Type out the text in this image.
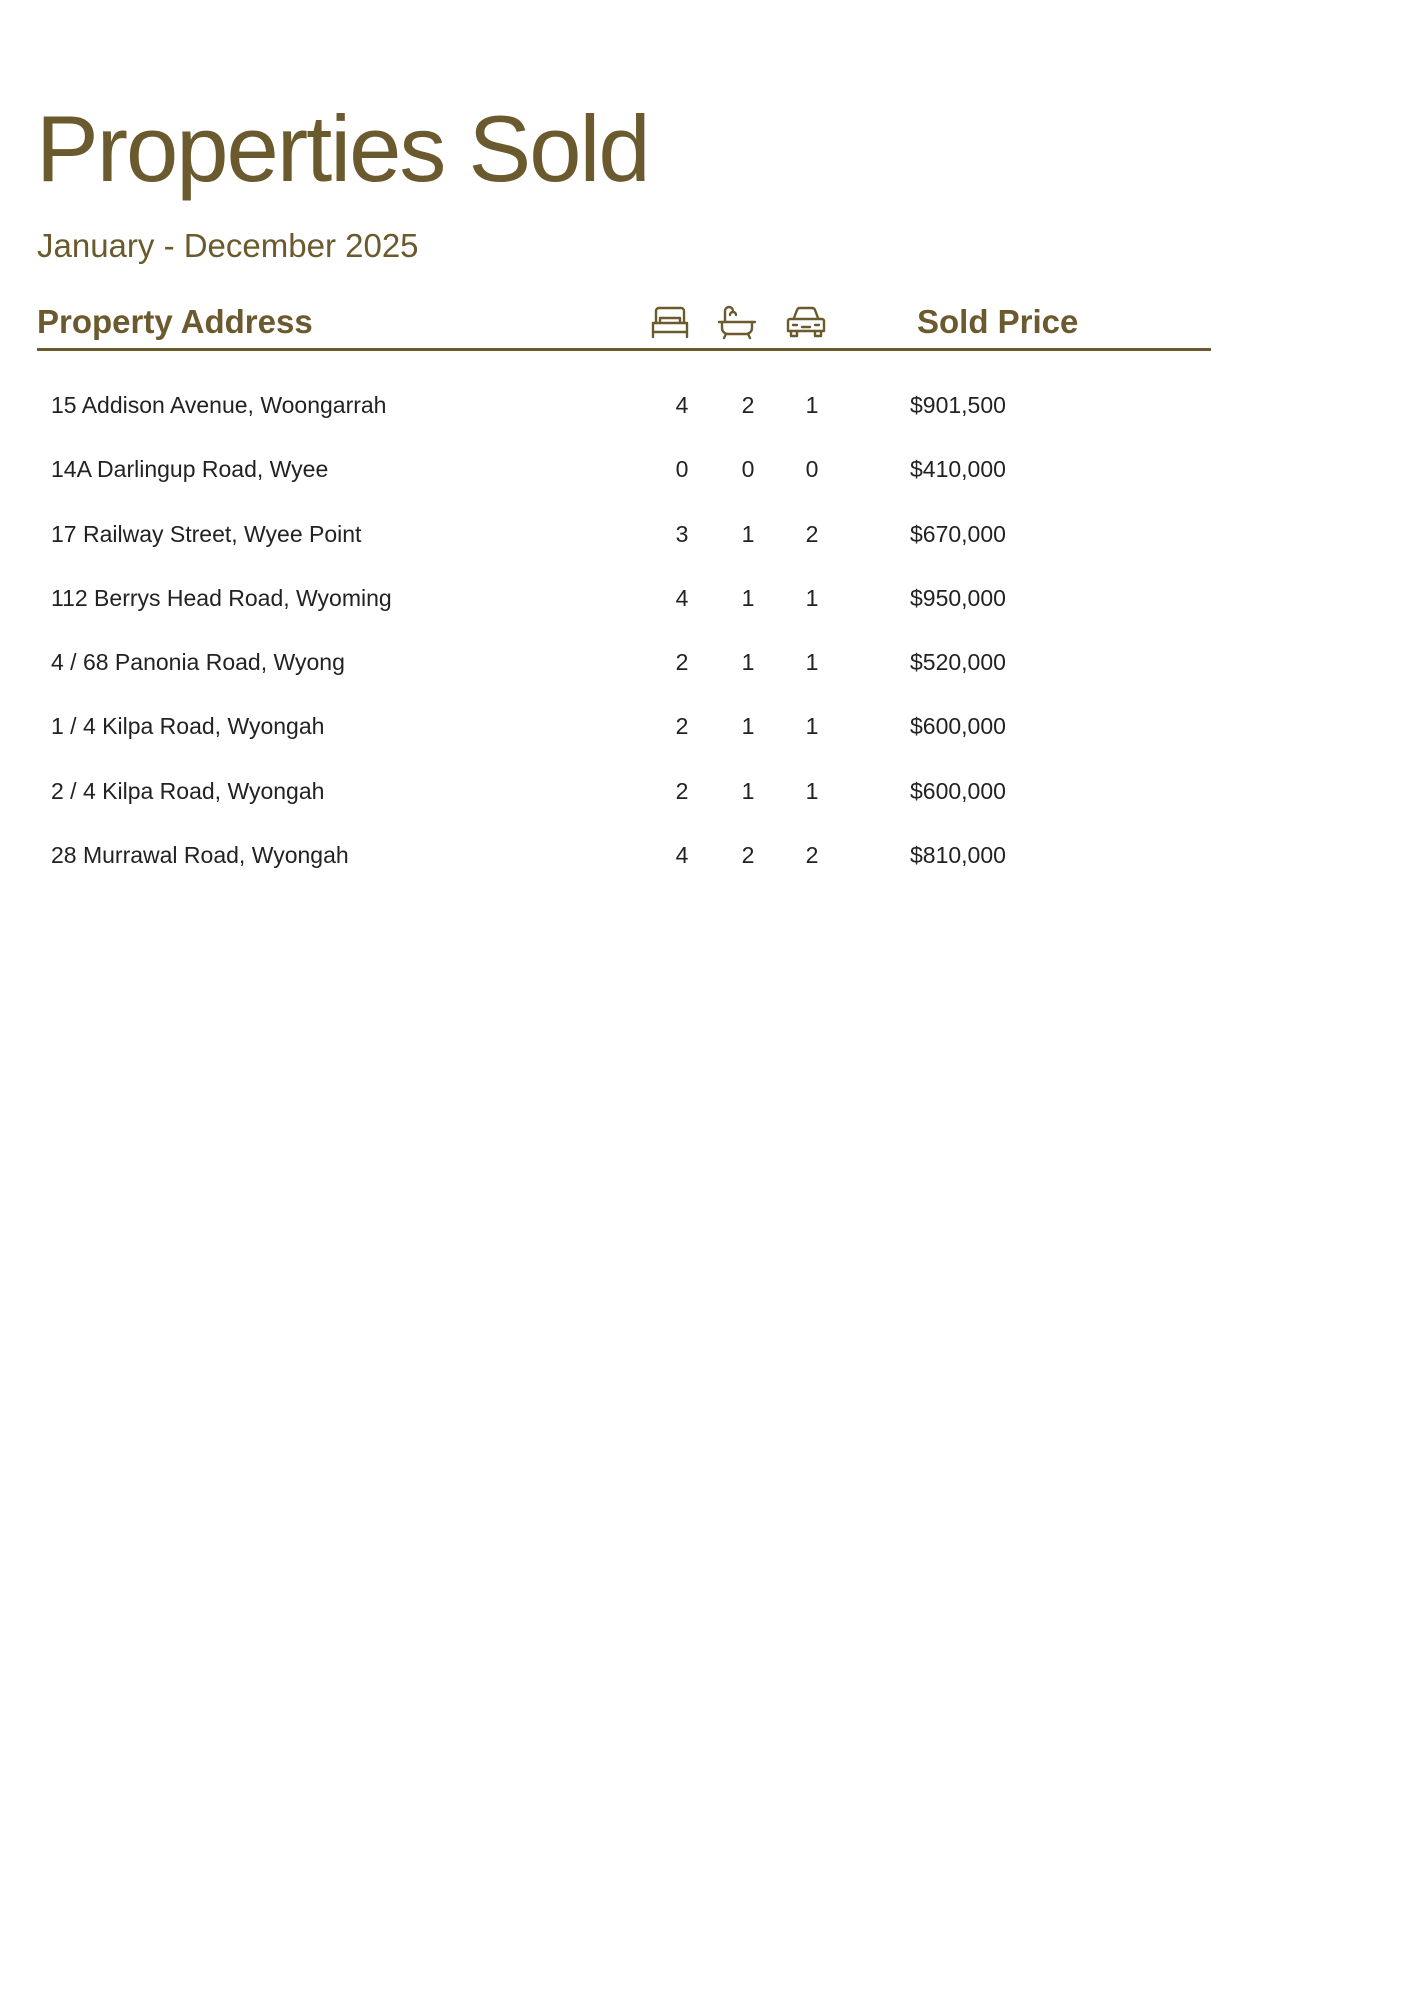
Properties Sold
January - December 2025
Property Address	Sold Price
15 Addison Avenue, Woongarrah	4	2	1	$901,500
14A Darlingup Road, Wyee	0	0	0	$410,000
17 Railway Street, Wyee Point	3	1	2	$670,000
112 Berrys Head Road, Wyoming	4	1	1	$950,000
4 / 68 Panonia Road, Wyong	2	1	1	$520,000
1 / 4 Kilpa Road, Wyongah	2	1	1	$600,000
2 / 4 Kilpa Road, Wyongah	2	1	1	$600,000
28 Murrawal Road, Wyongah	4	2	2	$810,000
